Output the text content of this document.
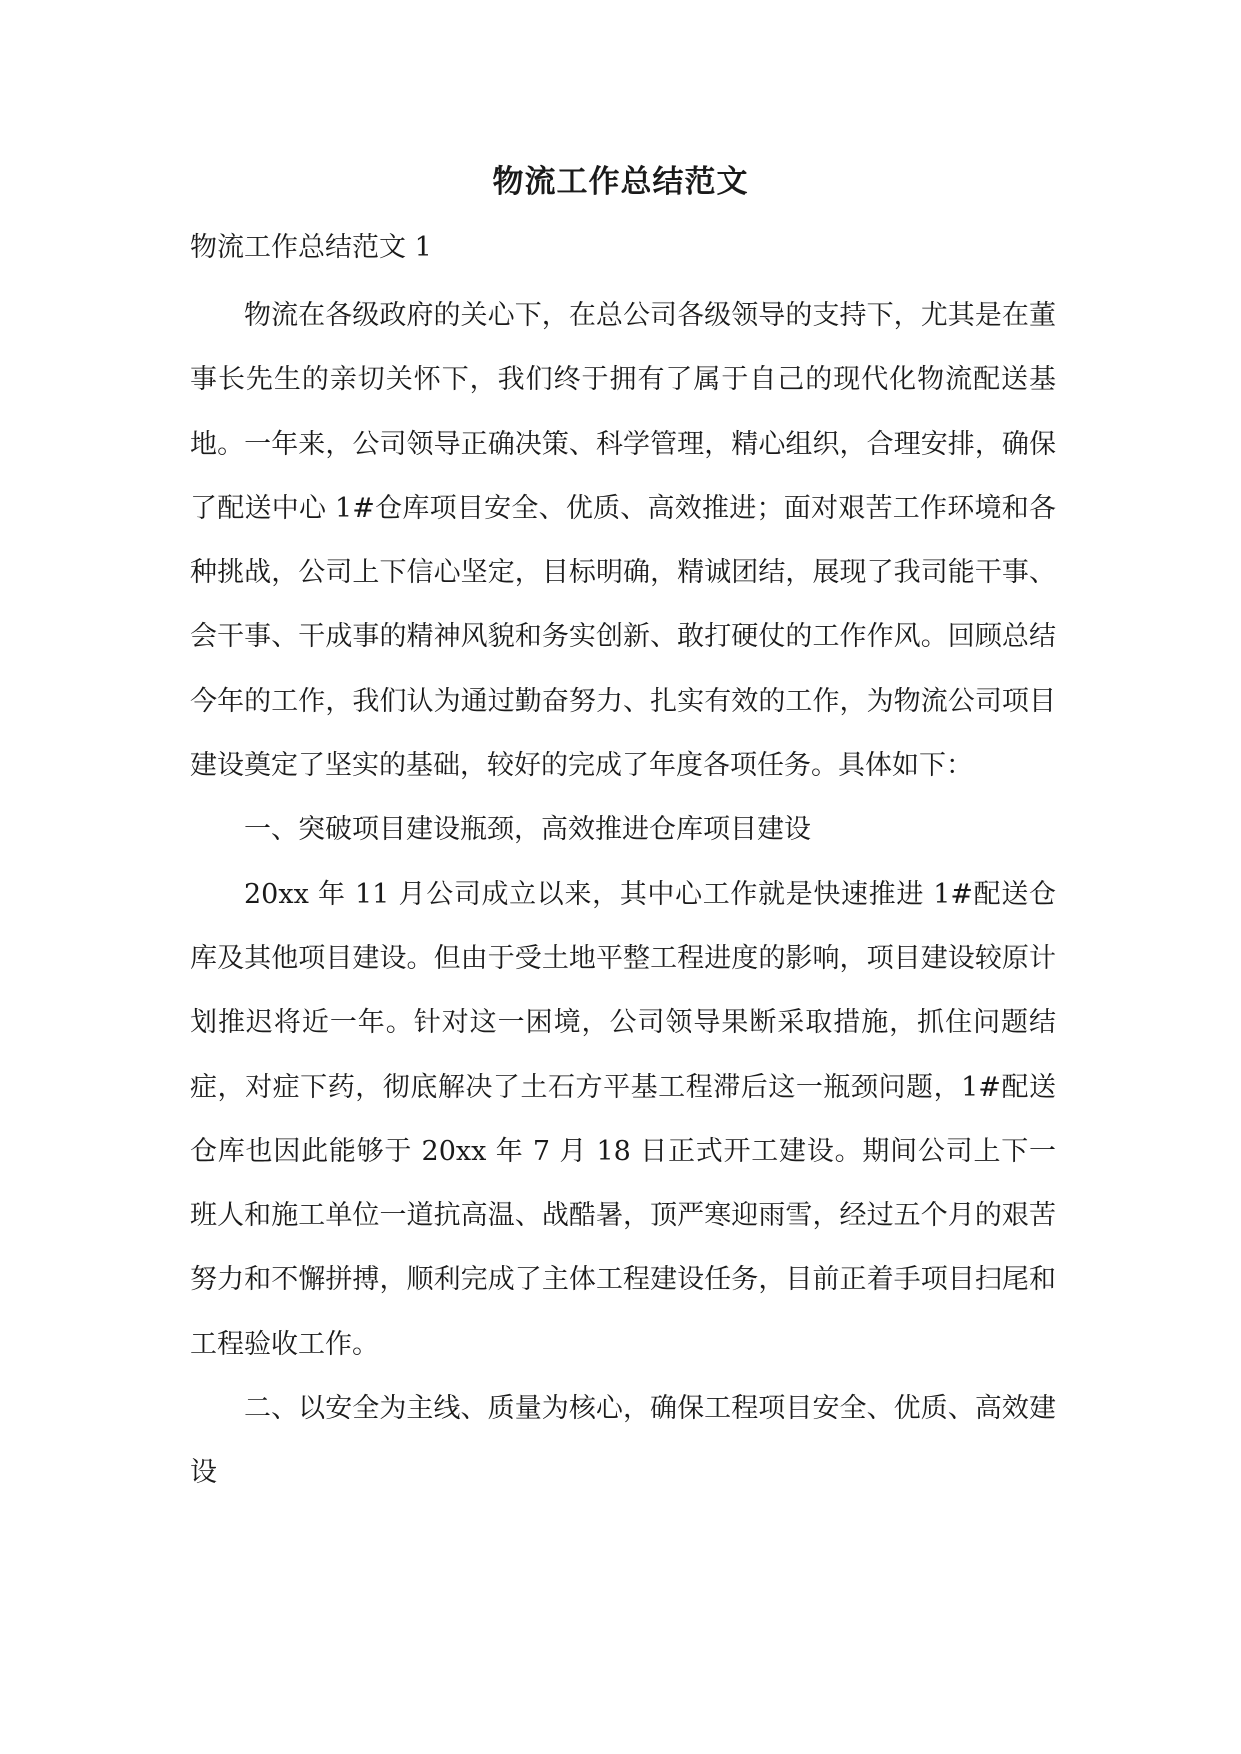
物流工作总结范文

物流工作总结范文 1

物流在各级政府的关心下，在总公司各级领导的支持下，尤其是在董事长先生的亲切关怀下，我们终于拥有了属于自己的现代化物流配送基地。一年来，公司领导正确决策、科学管理，精心组织，合理安排，确保了配送中心 1#仓库项目安全、优质、高效推进；面对艰苦工作环境和各种挑战，公司上下信心坚定，目标明确，精诚团结，展现了我司能干事、会干事、干成事的精神风貌和务实创新、敢打硬仗的工作作风。回顾总结今年的工作，我们认为通过勤奋努力、扎实有效的工作，为物流公司项目建设奠定了坚实的基础，较好的完成了年度各项任务。具体如下：

一、突破项目建设瓶颈，高效推进仓库项目建设

20xx 年 11 月公司成立以来，其中心工作就是快速推进 1#配送仓库及其他项目建设。但由于受土地平整工程进度的影响，项目建设较原计划推迟将近一年。针对这一困境，公司领导果断采取措施，抓住问题结症，对症下药，彻底解决了土石方平基工程滞后这一瓶颈问题，1#配送仓库也因此能够于 20xx 年 7 月 18 日正式开工建设。期间公司上下一班人和施工单位一道抗高温、战酷暑，顶严寒迎雨雪，经过五个月的艰苦努力和不懈拼搏，顺利完成了主体工程建设任务，目前正着手项目扫尾和工程验收工作。

二、以安全为主线、质量为核心，确保工程项目安全、优质、高效建设
